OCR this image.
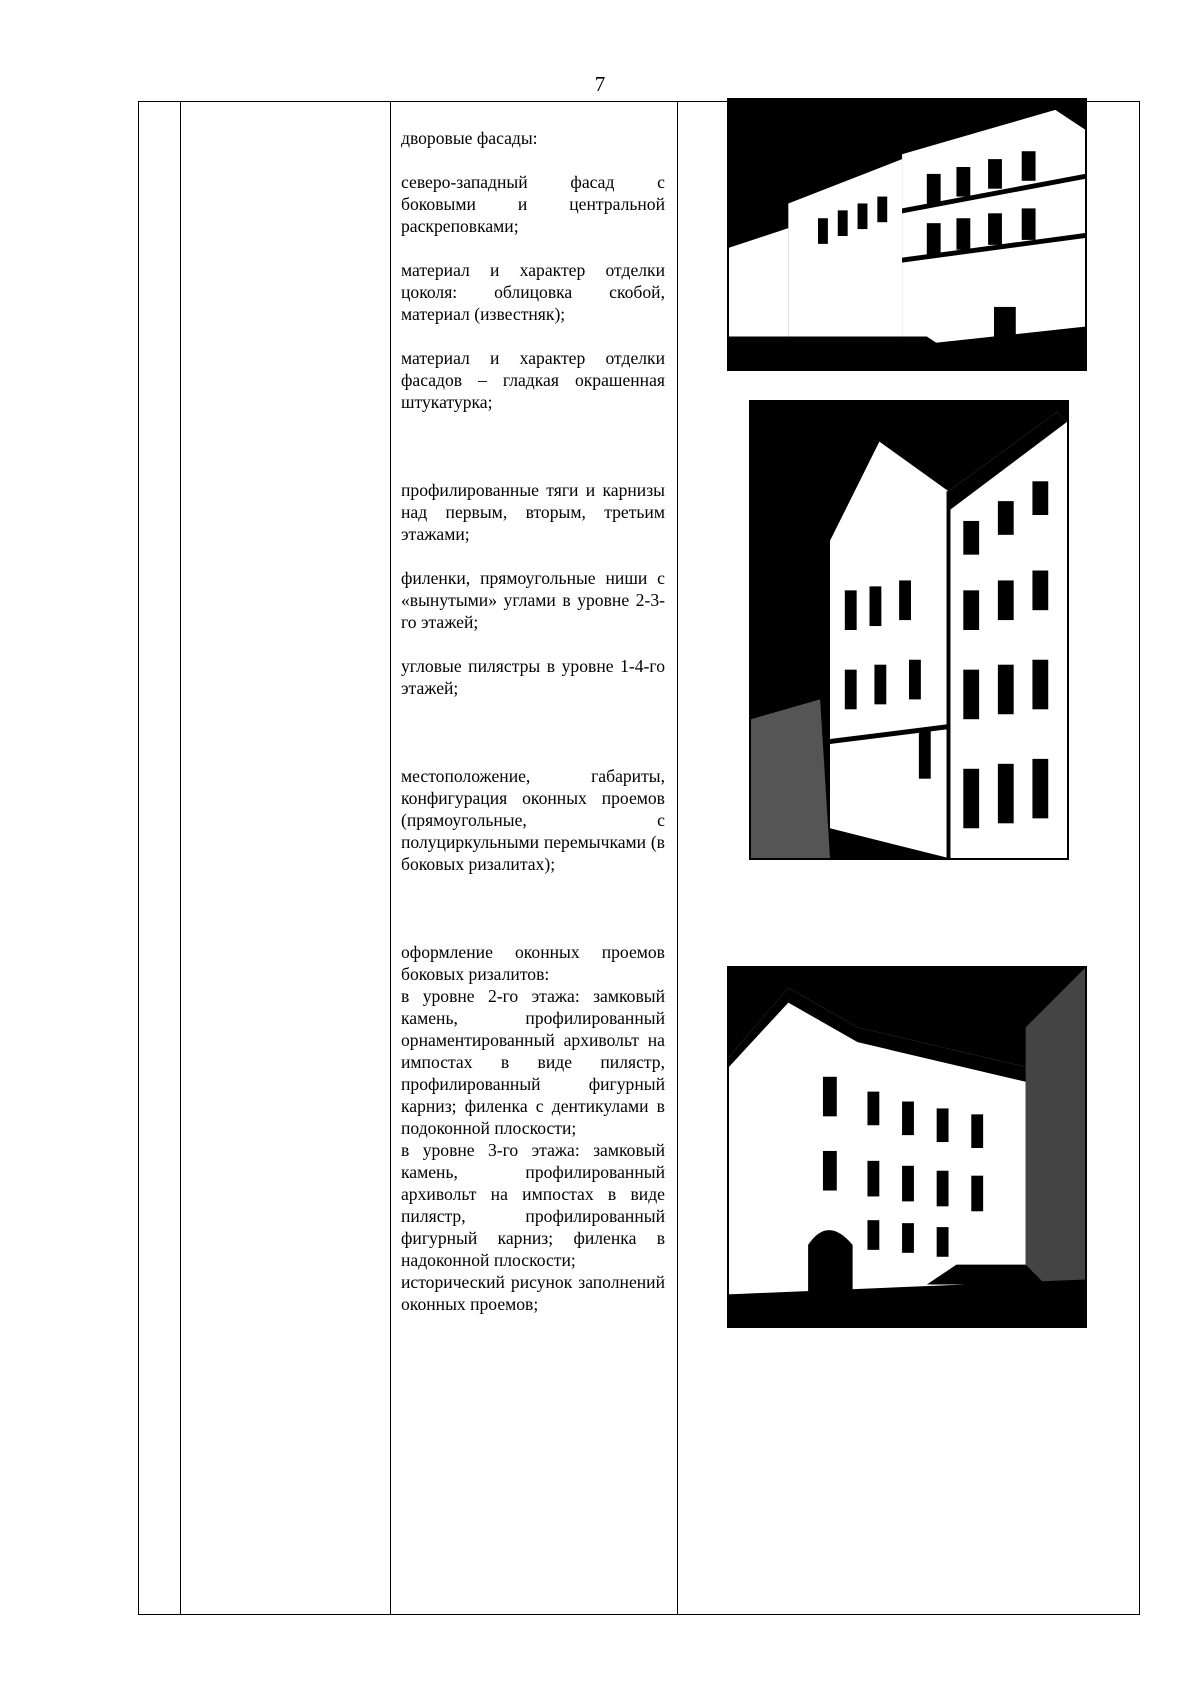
7

дворовые фасады:

северо-западный фасад с боковыми и центральной раскреповками;

материал и характер отделки цоколя: облицовка скобой, материал (известняк);

материал и характер отделки фасадов – гладкая окрашенная штукатурка;

профилированные тяги и карнизы над первым, вторым, третьим этажами;

филенки, прямоугольные ниши с «вынутыми» углами в уровне 2-3-го этажей;

угловые пилястры в уровне 1-4-го этажей;

местоположение, габариты, конфигурация оконных проемов (прямоугольные, с полуциркульными перемычками (в боковых ризалитах);

оформление оконных проемов боковых ризалитов:

в уровне 2-го этажа: замковый камень, профилированный орнаментированный архивольт на импостах в виде пилястр, профилированный фигурный карниз; филенка с дентикулами в подоконной плоскости;

в уровне 3-го этажа: замковый камень, профилированный архивольт на импостах в виде пилястр, профилированный фигурный карниз; филенка в надоконной плоскости;

исторический рисунок заполнений оконных проемов;
